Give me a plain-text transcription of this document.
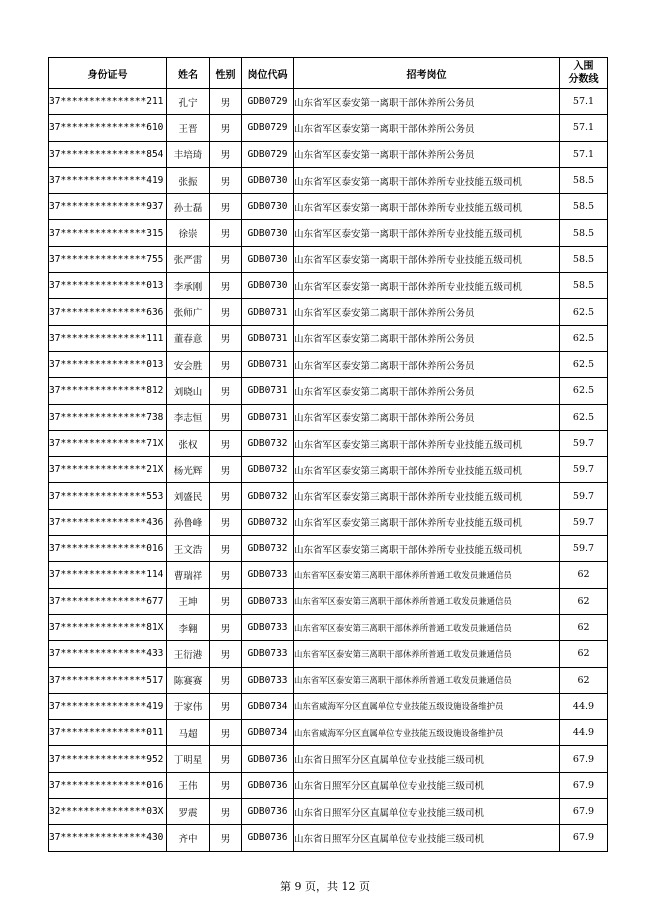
身份证号	姓名	性别	岗位代码	招考岗位	入围
分数线
37***************211	孔宁	男	GDB0729	山东省军区泰安第一离职干部休养所公务员	57.1
37***************610	王晋	男	GDB0729	山东省军区泰安第一离职干部休养所公务员	57.1
37***************854	丰培琦	男	GDB0729	山东省军区泰安第一离职干部休养所公务员	57.1
37***************419	张振	男	GDB0730	山东省军区泰安第一离职干部休养所专业技能五级司机	58.5
37***************937	孙士磊	男	GDB0730	山东省军区泰安第一离职干部休养所专业技能五级司机	58.5
37***************315	徐崇	男	GDB0730	山东省军区泰安第一离职干部休养所专业技能五级司机	58.5
37***************755	张严雷	男	GDB0730	山东省军区泰安第一离职干部休养所专业技能五级司机	58.5
37***************013	李承刚	男	GDB0730	山东省军区泰安第一离职干部休养所专业技能五级司机	58.5
37***************636	张师广	男	GDB0731	山东省军区泰安第二离职干部休养所公务员	62.5
37***************111	董春意	男	GDB0731	山东省军区泰安第二离职干部休养所公务员	62.5
37***************013	安会胜	男	GDB0731	山东省军区泰安第二离职干部休养所公务员	62.5
37***************812	刘晓山	男	GDB0731	山东省军区泰安第二离职干部休养所公务员	62.5
37***************738	李志恒	男	GDB0731	山东省军区泰安第二离职干部休养所公务员	62.5
37***************71X	张权	男	GDB0732	山东省军区泰安第三离职干部休养所专业技能五级司机	59.7
37***************21X	杨光辉	男	GDB0732	山东省军区泰安第三离职干部休养所专业技能五级司机	59.7
37***************553	刘盛民	男	GDB0732	山东省军区泰安第三离职干部休养所专业技能五级司机	59.7
37***************436	孙鲁峰	男	GDB0732	山东省军区泰安第三离职干部休养所专业技能五级司机	59.7
37***************016	王文浩	男	GDB0732	山东省军区泰安第三离职干部休养所专业技能五级司机	59.7
37***************114	曹瑞祥	男	GDB0733	山东省军区泰安第三离职干部休养所普通工收发员兼通信员	62
37***************677	王坤	男	GDB0733	山东省军区泰安第三离职干部休养所普通工收发员兼通信员	62
37***************81X	李翱	男	GDB0733	山东省军区泰安第三离职干部休养所普通工收发员兼通信员	62
37***************433	王衍港	男	GDB0733	山东省军区泰安第三离职干部休养所普通工收发员兼通信员	62
37***************517	陈赛赛	男	GDB0733	山东省军区泰安第三离职干部休养所普通工收发员兼通信员	62
37***************419	于家伟	男	GDB0734	山东省威海军分区直属单位专业技能五级设施设备维护员	44.9
37***************011	马超	男	GDB0734	山东省威海军分区直属单位专业技能五级设施设备维护员	44.9
37***************952	丁明星	男	GDB0736	山东省日照军分区直属单位专业技能三级司机	67.9
37***************016	王伟	男	GDB0736	山东省日照军分区直属单位专业技能三级司机	67.9
32***************03X	罗震	男	GDB0736	山东省日照军分区直属单位专业技能三级司机	67.9
37***************430	齐中	男	GDB0736	山东省日照军分区直属单位专业技能三级司机	67.9
第 9 页，共 12 页
